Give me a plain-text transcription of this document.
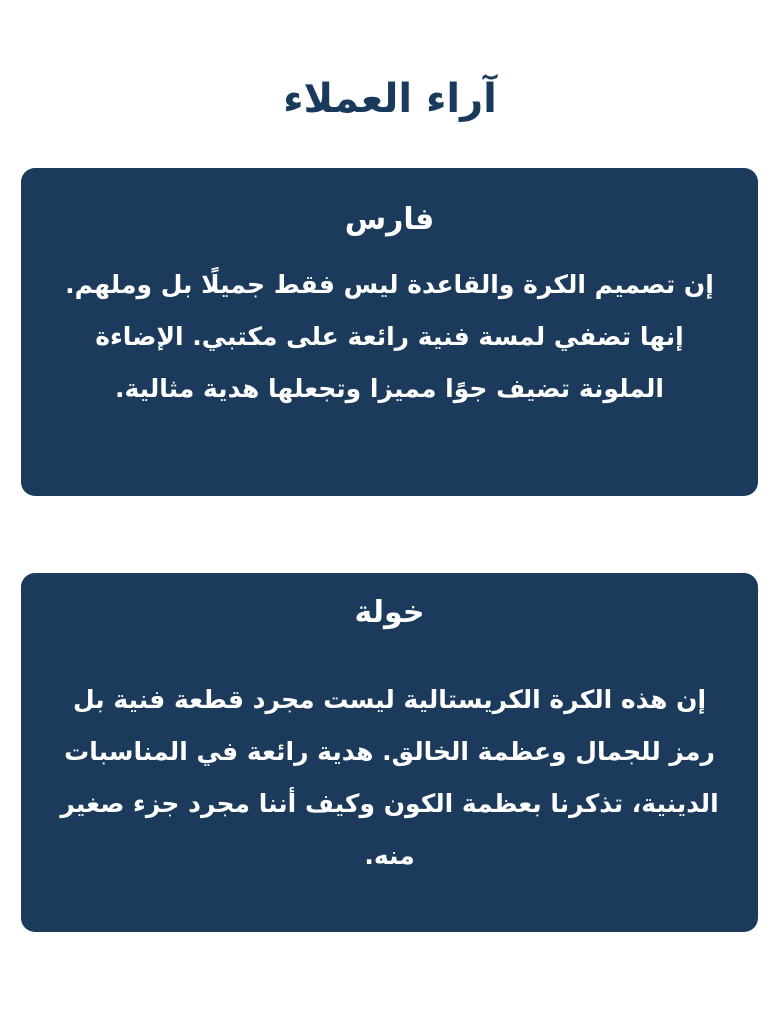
آراء العملاء
فارس

إن تصميم الكرة والقاعدة ليس فقط جميلًا بل وملهم. إنها تضفي لمسة فنية رائعة على مكتبي. الإضاءة الملونة تضيف جوًا مميزا وتجعلها هدية مثالية.

خولة

إن هذه الكرة الكريستالية ليست مجرد قطعة فنية بل رمز للجمال وعظمة الخالق. هدية رائعة في المناسبات الدينية، تذكرنا بعظمة الكون وكيف أننا مجرد جزء صغير منه.
